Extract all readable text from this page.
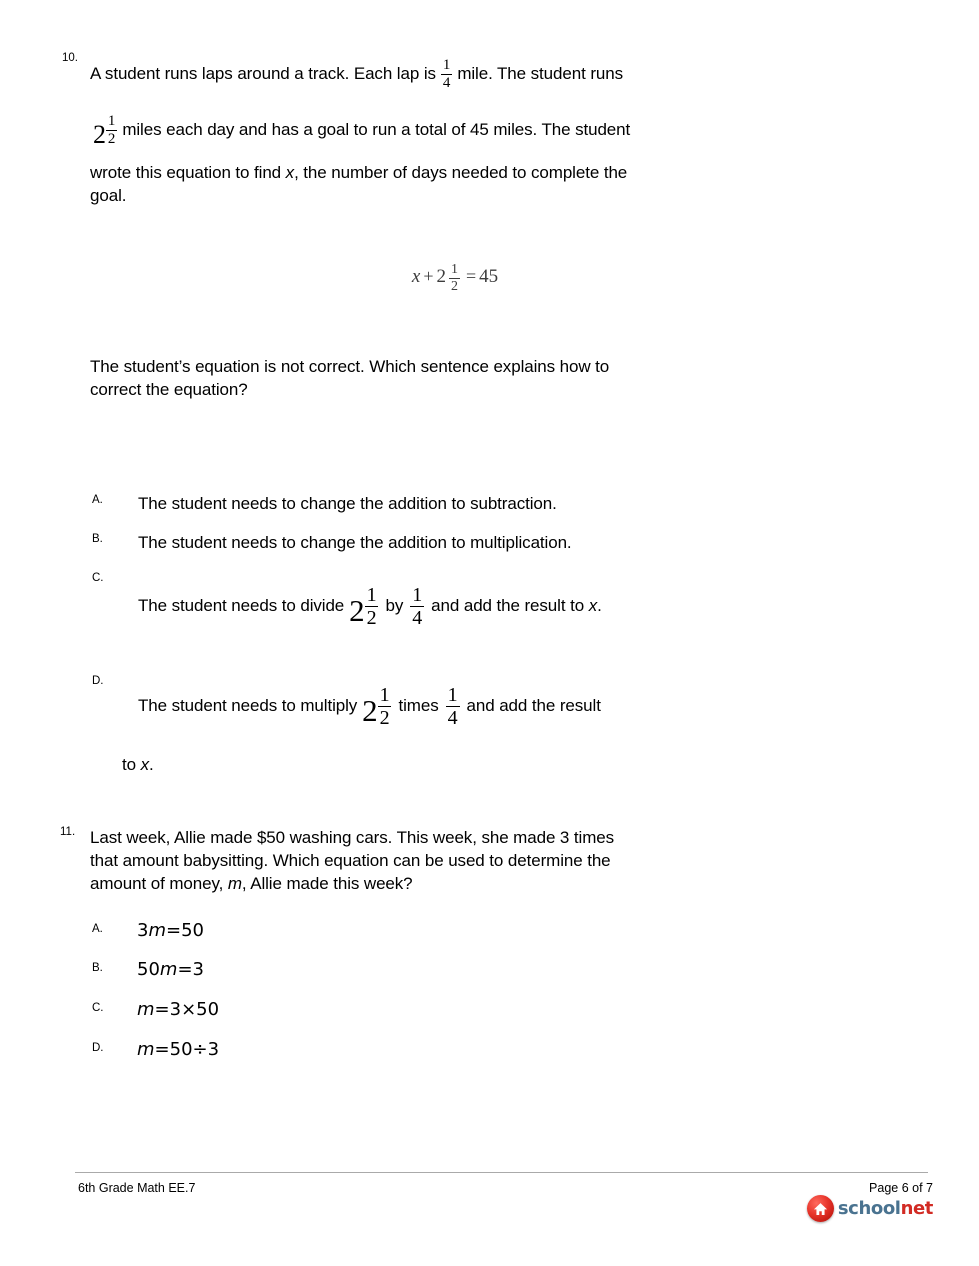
10.
A student runs laps around a track. Each lap is $\frac{1}{4}$ mile. The student runs
$2 \frac{1}{2}$ miles each day and has a goal to run a total of 45 miles. The student
wrote this equation to find x, the number of days needed to complete the
goal.
$x + 2 \frac{1}{2} = 45$
The student’s equation is not correct. Which sentence explains how to
correct the equation?
A. The student needs to change the addition to subtraction.
B. The student needs to change the addition to multiplication.
C.
The student needs to divide $2 \frac{1}{2}$ by $\frac{1}{4}$ and add the result to x.
D.
The student needs to multiply $2 \frac{1}{2}$ times $\frac{1}{4}$ and add the result
to x.
11. Last week, Allie made $50 washing cars. This week, she made 3 times
that amount babysitting. Which equation can be used to determine the
amount of money, m, Allie made this week?
A. 3m=50
B. 50m=3
C. m=3×50
D. m=50÷3
6th Grade Math EE.7	Page 6 of 7
schoolnet
